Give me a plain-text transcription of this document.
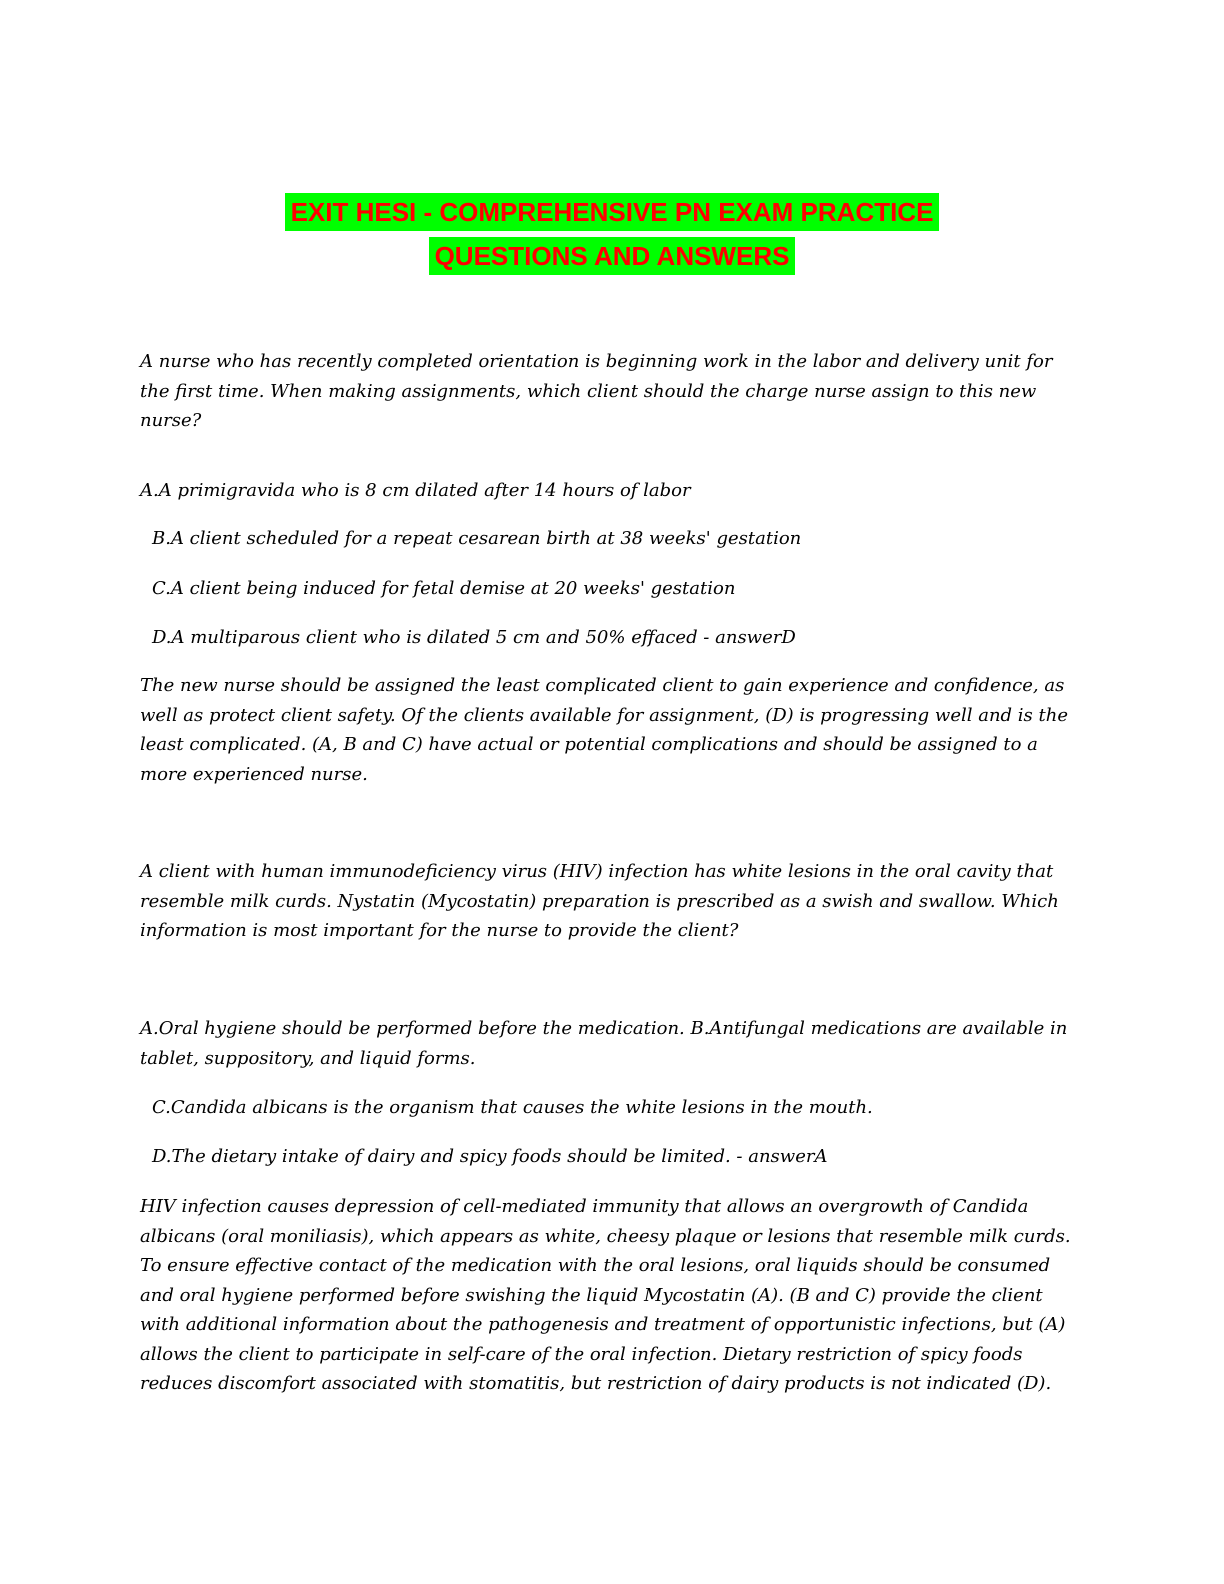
EXIT HESI - COMPREHENSIVE PN EXAM PRACTICE
QUESTIONS AND ANSWERS

A nurse who has recently completed orientation is beginning work in the labor and delivery unit for the first time. When making assignments, which client should the charge nurse assign to this new nurse?

A.A primigravida who is 8 cm dilated after 14 hours of labor

B.A client scheduled for a repeat cesarean birth at 38 weeks' gestation

C.A client being induced for fetal demise at 20 weeks' gestation

D.A multiparous client who is dilated 5 cm and 50% effaced - answerD

The new nurse should be assigned the least complicated client to gain experience and confidence, as well as protect client safety. Of the clients available for assignment, (D) is progressing well and is the least complicated. (A, B and C) have actual or potential complications and should be assigned to a more experienced nurse.

A client with human immunodeficiency virus (HIV) infection has white lesions in the oral cavity that resemble milk curds. Nystatin (Mycostatin) preparation is prescribed as a swish and swallow. Which information is most important for the nurse to provide the client?

A.Oral hygiene should be performed before the medication. B.Antifungal medications are available in tablet, suppository, and liquid forms.

C.Candida albicans is the organism that causes the white lesions in the mouth.

D.The dietary intake of dairy and spicy foods should be limited. - answerA

HIV infection causes depression of cell-mediated immunity that allows an overgrowth of Candida albicans (oral moniliasis), which appears as white, cheesy plaque or lesions that resemble milk curds. To ensure effective contact of the medication with the oral lesions, oral liquids should be consumed and oral hygiene performed before swishing the liquid Mycostatin (A). (B and C) provide the client with additional information about the pathogenesis and treatment of opportunistic infections, but (A) allows the client to participate in self-care of the oral infection. Dietary restriction of spicy foods reduces discomfort associated with stomatitis, but restriction of dairy products is not indicated (D).
